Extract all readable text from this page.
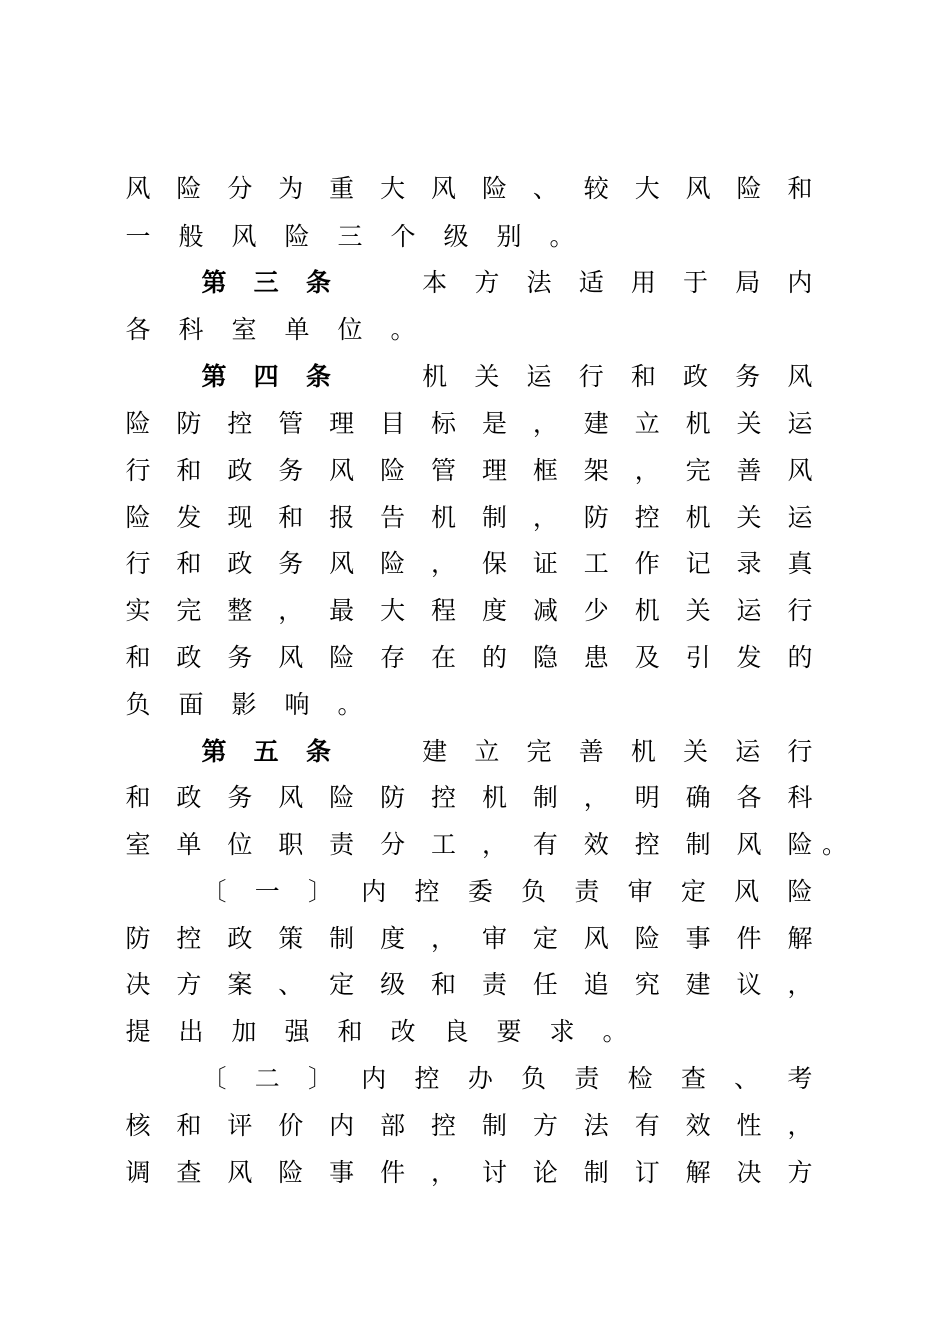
风 险 分 为 重 大 风 险 、 较 大 风 险 和
一 般 风 险 三 个 级 别 。
第 三 条	本 方 法 适 用 于 局 内
各 科 室 单 位 。
第 四 条	机 关 运 行 和 政 务 风
险 防 控 管 理 目 标 是 ， 建 立 机 关 运
行 和 政 务 风 险 管 理 框 架 ， 完 善 风
险 发 现 和 报 告 机 制 ， 防 控 机 关 运
行 和 政 务 风 险 ， 保 证 工 作 记 录 真
实 完 整 ， 最 大 程 度 减 少 机 关 运 行
和 政 务 风 险 存 在 的 隐 患 及 引 发 的
负 面 影 响 。
第 五 条	建 立 完 善 机 关 运 行
和 政 务 风 险 防 控 机 制 ， 明 确 各 科
室 单 位 职 责 分 工 ， 有 效 控 制 风 险 。
〔 一 〕 内 控 委 负 责 审 定 风 险
防 控 政 策 制 度 ， 审 定 风 险 事 件 解
决 方 案 、 定 级 和 责 任 追 究 建 议 ，
提 出 加 强 和 改 良 要 求 。
〔 二 〕 内 控 办 负 责 检 查 、 考
核 和 评 价 内 部 控 制 方 法 有 效 性 ，
调 查 风 险 事 件 ， 讨 论 制 订 解 决 方
